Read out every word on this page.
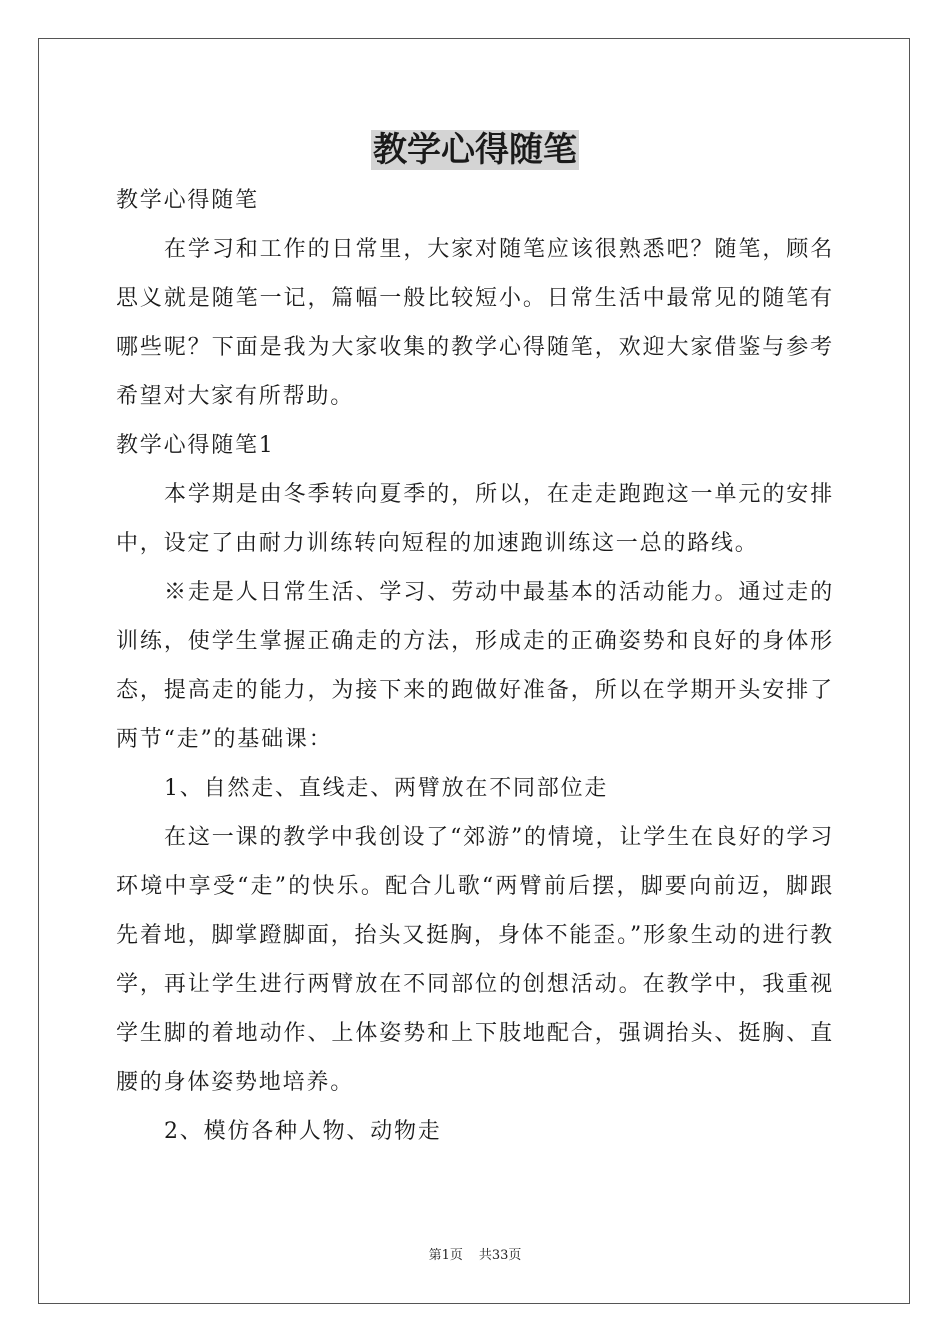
教学心得随笔

教学心得随笔

在学习和工作的日常里，大家对随笔应该很熟悉吧？随笔，顾名思义就是随笔一记，篇幅一般比较短小。日常生活中最常见的随笔有哪些呢？下面是我为大家收集的教学心得随笔，欢迎大家借鉴与参考希望对大家有所帮助。

教学心得随笔1

本学期是由冬季转向夏季的，所以，在走走跑跑这一单元的安排中，设定了由耐力训练转向短程的加速跑训练这一总的路线。

※走是人日常生活、学习、劳动中最基本的活动能力。通过走的训练，使学生掌握正确走的方法，形成走的正确姿势和良好的身体形态，提高走的能力，为接下来的跑做好准备，所以在学期开头安排了两节“走”的基础课：

1、自然走、直线走、两臂放在不同部位走

在这一课的教学中我创设了“郊游”的情境，让学生在良好的学习环境中享受“走”的快乐。配合儿歌“两臂前后摆，脚要向前迈，脚跟先着地，脚掌蹬脚面，抬头又挺胸，身体不能歪。”形象生动的进行教学，再让学生进行两臂放在不同部位的创想活动。在教学中，我重视学生脚的着地动作、上体姿势和上下肢地配合，强调抬头、挺胸、直腰的身体姿势地培养。

2、模仿各种人物、动物走

第1页 共33页
